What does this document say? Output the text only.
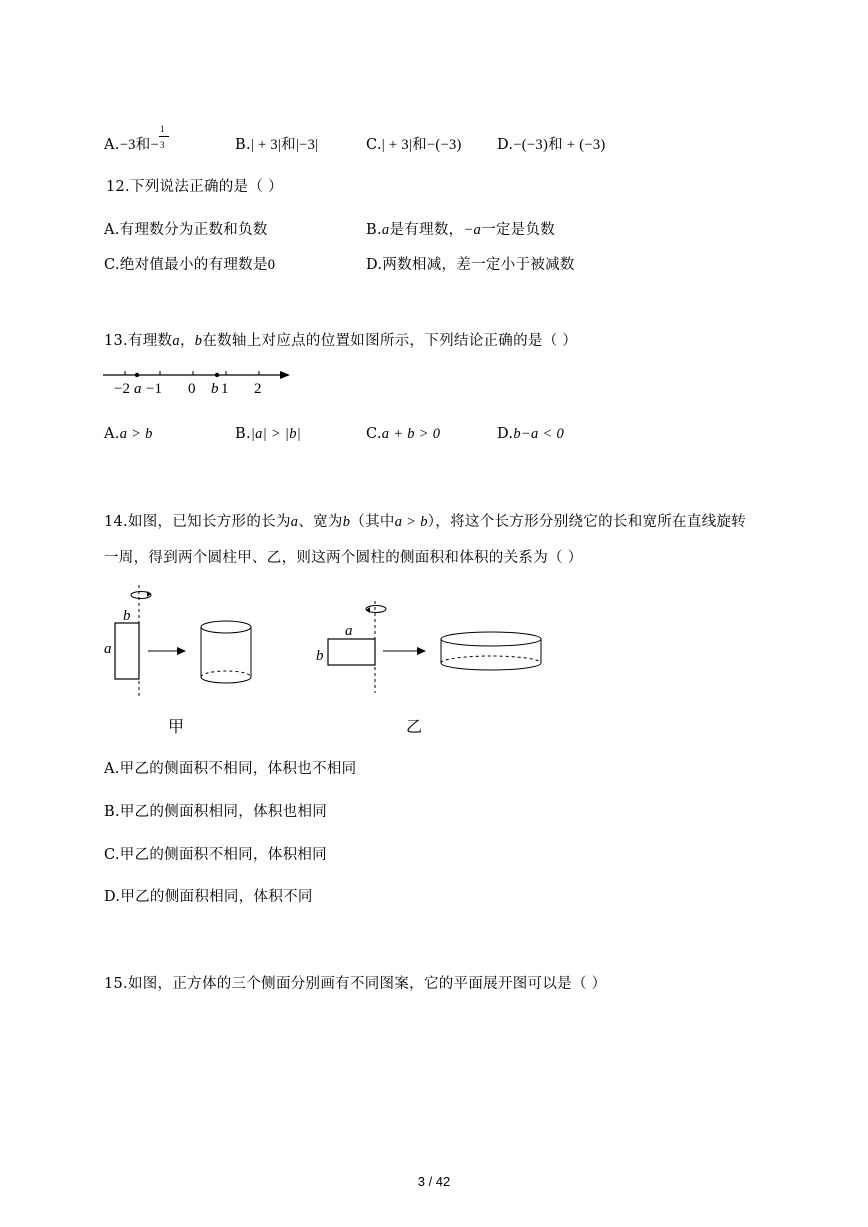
A.−3和− $\frac{1}{3}$	B.| + 3|和|−3|	C.| + 3|和−(−3) D.−(−3)和 + (−3)
12.下列说法正确的是（ ）
A.有理数分为正数和负数	B.a是有理数，−a一定是负数
C.绝对值最小的有理数是0	D.两数相减，差一定小于被减数
13.有理数a，b在数轴上对应点的位置如图所示，下列结论正确的是（ ）
−2 a −1 0 b 1 2
A.a > b	B.|a| > |b|	C.a + b > 0	D.b−a < 0
14.如图，已知长方形的长为a、宽为b（其中a > b），将这个长方形分别绕它的长和宽所在直线旋转
一周，得到两个圆柱甲、乙，则这两个圆柱的侧面积和体积的关系为（ ）
b
a
a
b
甲	乙
A.甲乙的侧面积不相同，体积也不相同
B.甲乙的侧面积相同，体积也相同
C.甲乙的侧面积不相同，体积相同
D.甲乙的侧面积相同，体积不同
15.如图，正方体的三个侧面分别画有不同图案，它的平面展开图可以是（ ）
3 / 42
